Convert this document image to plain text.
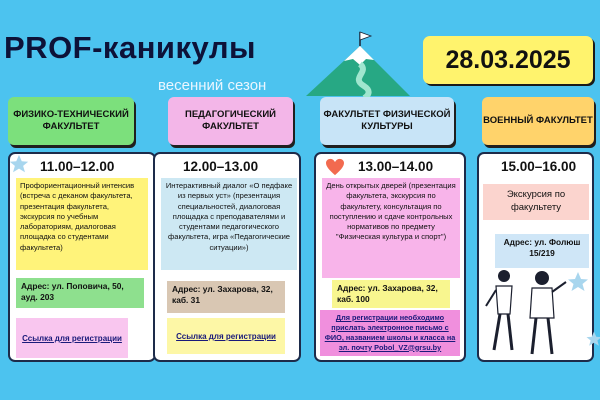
PROF-каникулы
весенний сезон
28.03.2025
ФИЗИКО-ТЕХНИЧЕСКИЙ ФАКУЛЬТЕТ
ПЕДАГОГИЧЕСКИЙ ФАКУЛЬТЕТ
ФАКУЛЬТЕТ ФИЗИЧЕСКОЙ КУЛЬТУРЫ
ВОЕННЫЙ ФАКУЛЬТЕТ
11.00–12.00
Профориентационный интенсив
(встреча с деканом факультета, презентация факультета, экскурсия по учебным лабораториям, диалоговая площадка со студентами факультета)
Адрес: ул. Поповича, 50, ауд. 203
Ссылка для регистрации
12.00–13.00
Интерактивный диалог «О педфаке из первых уст» (презентация специальностей, диалоговая площадка с преподавателями и студентами педагогического факультета, игра «Педагогические ситуации»)
Адрес: ул. Захарова, 32, каб. 31
Ссылка для регистрации
13.00–14.00
День открытых дверей (презентация факультета, экскурсия по факультету, консультация по поступлению и сдаче контрольных нормативов по предмету "Физическая культура и спорт")
Адрес: ул. Захарова, 32, каб. 100
Для регистрации необходимо прислать электронное письмо с ФИО, названием школы и класса на эл. почту Pobol_VZ@grsu.by
15.00–16.00
Экскурсия по факультету
Адрес: ул. Фолюш 15/219
